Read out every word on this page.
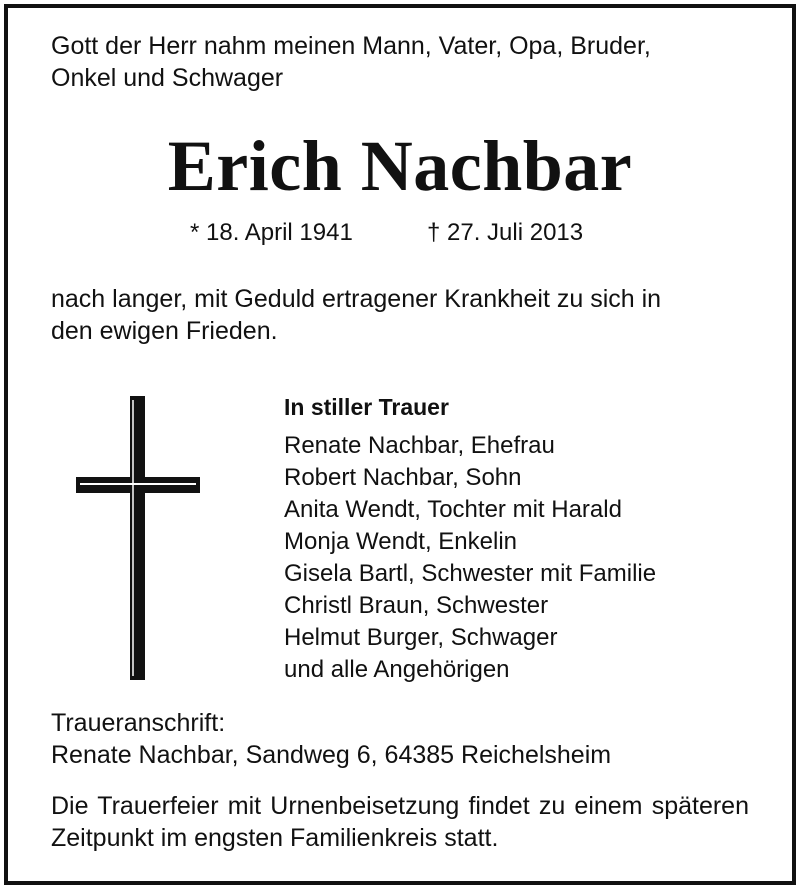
Gott der Herr nahm meinen Mann, Vater, Opa, Bruder,
Onkel und Schwager
Erich Nachbar
* 18. April 1941	† 27. Juli 2013
nach langer, mit Geduld ertragener Krankheit zu sich in
den ewigen Frieden.
In stiller Trauer
Renate Nachbar, Ehefrau
Robert Nachbar, Sohn
Anita Wendt, Tochter mit Harald
Monja Wendt, Enkelin
Gisela Bartl, Schwester mit Familie
Christl Braun, Schwester
Helmut Burger, Schwager
und alle Angehörigen
Traueranschrift:
Renate Nachbar, Sandweg 6, 64385 Reichelsheim
Die Trauerfeier mit Urnenbeisetzung findet zu einem späteren Zeitpunkt im engsten Familienkreis statt.
